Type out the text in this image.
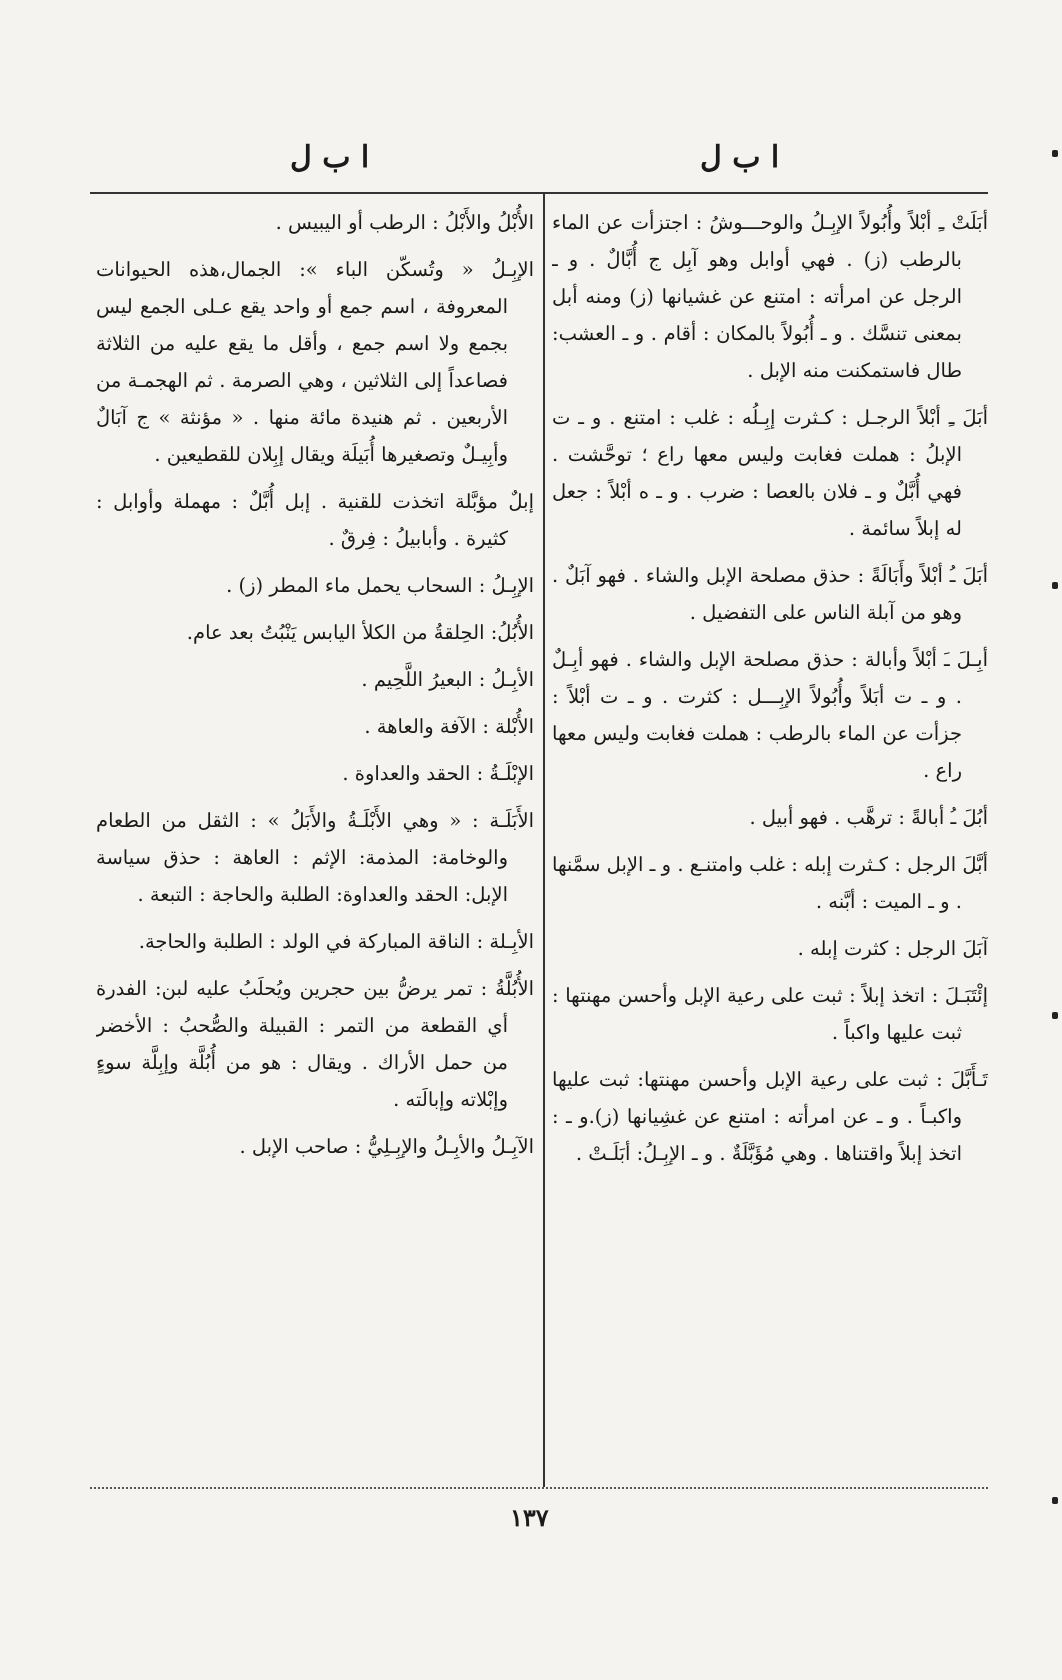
ا ب ل
ا ب ل

أبَلَتْ ـِ أبْلاً وأُبُولاً الإبِـلُ والوحـــوشُ : اجتزأت عن الماء بالرطب (ز) . فهي أوابل وهو آبِل ج أُبَّالٌ . و ـ الرجل عن امرأته : امتنع عن غشيانها (ز) ومنه أبل بمعنى تنسَّك . و ـ أُبُولاً بالمكان : أقام . و ـ العشب: طال فاستمكنت منه الإبل .

أبَلَ ـِ أبْلاً الرجـل : كـثرت إبِـلُه : غلب : امتنع . و ـ ت الإبلُ : هملت فغابت وليس معها راع ؛ توحَّشت . فهي أُبَّلٌ و ـ فلان بالعصا : ضرب . و ـ ه أبْلاً : جعل له إبلاً سائمة .

أبَلَ ـُ أبْلاً وأَبَالَةً : حذق مصلحة الإبل والشاء . فهو آبَلٌ . وهو من آبلة الناس على التفضيل .

أبِـلَ ـَ أبْلاً وأبالة : حذق مصلحة الإبل والشاء . فهو أبِـلٌ . و ـ ت أبَلاً وأُبُولاً الإبِـــل : كثرت . و ـ ت أبْلاً : جزأت عن الماء بالرطب : هملت فغابت وليس معها راع .

أبُلَ ـُ أبالةً : ترهَّب . فهو أبيل .

أبَّلَ الرجل : كـثرت إبله : غلب وامتنـع . و ـ الإبل سمَّنها . و ـ الميت : أبَّنه .

آبَلَ الرجل : كثرت إبله .

إئْتَبَـلَ : اتخذ إبلاً : ثبت على رعية الإبل وأحسن مهنتها : ثبت عليها واكباً .

تَـأَبَّلَ : ثبت على رعية الإبل وأحسن مهنتها: ثبت عليها واكبـاً . و ـ عن امرأته : امتنع عن غشِيانها (ز).و ـ : اتخذ إبلاً واقتناها . وهي مُؤَبَّلَةٌ . و ـ الإبِـلُ: أبَلَـتْ .

الأُبْلُ والأَبْلُ : الرطب أو اليبيس .

الإبِـلُ « وتُسكّن الباء »: الجمال،هذه الحيوانات المعروفة ، اسم جمع أو واحد يقع عـلى الجمع ليس بجمع ولا اسم جمع ، وأقل ما يقع عليه من الثلاثة فصاعداً إلى الثلاثين ، وهي الصرمة . ثم الهجمـة من الأربعين . ثم هنيدة مائة منها . « مؤنثة » ج آبَالٌ وأبِيـلٌ وتصغيرها أُبَيلَة ويقال إبِلان للقطيعين .

إبلٌ مؤبَّلة اتخذت للقنية . إبل أُبَّلٌ : مهملة وأوابل : كثيرة . وأبابيلُ : فِرقٌ .

الإبِـلُ : السحاب يحمل ماء المطر (ز) .

الأُبُلُ: الحِلقةُ من الكلأ اليابس يَنْبُتُ بعد عام.

الأبِـلُ : البعيرُ اللَّحِيم .

الأُبْلة : الآفة والعاهة .

الإبْلَـةُ : الحقد والعداوة .

الأَبَلَـة : « وهي الأَبْلَـةُ والأَبَلُ » : الثقل من الطعام والوخامة: المذمة: الإثم : العاهة : حذق سياسة الإبل: الحقد والعداوة: الطلبة والحاجة : التبعة .

الأبِـلة : الناقة المباركة في الولد : الطلبة والحاجة.

الأُبُلَّةُ : تمر يرضُّ بين حجرين ويُحلَبُ عليه لبن: الفدرة أي القطعة من التمر : القبيلة والصُّحبُ : الأخضر من حمل الأراك . ويقال : هو من أُبُلَّة وإبِلَّة سوءٍ وإبْلاته وإبالَته .

الآبِـلُ والأبِـلُ والإبِـلِيُّ : صاحب الإبل .

١٣٧
